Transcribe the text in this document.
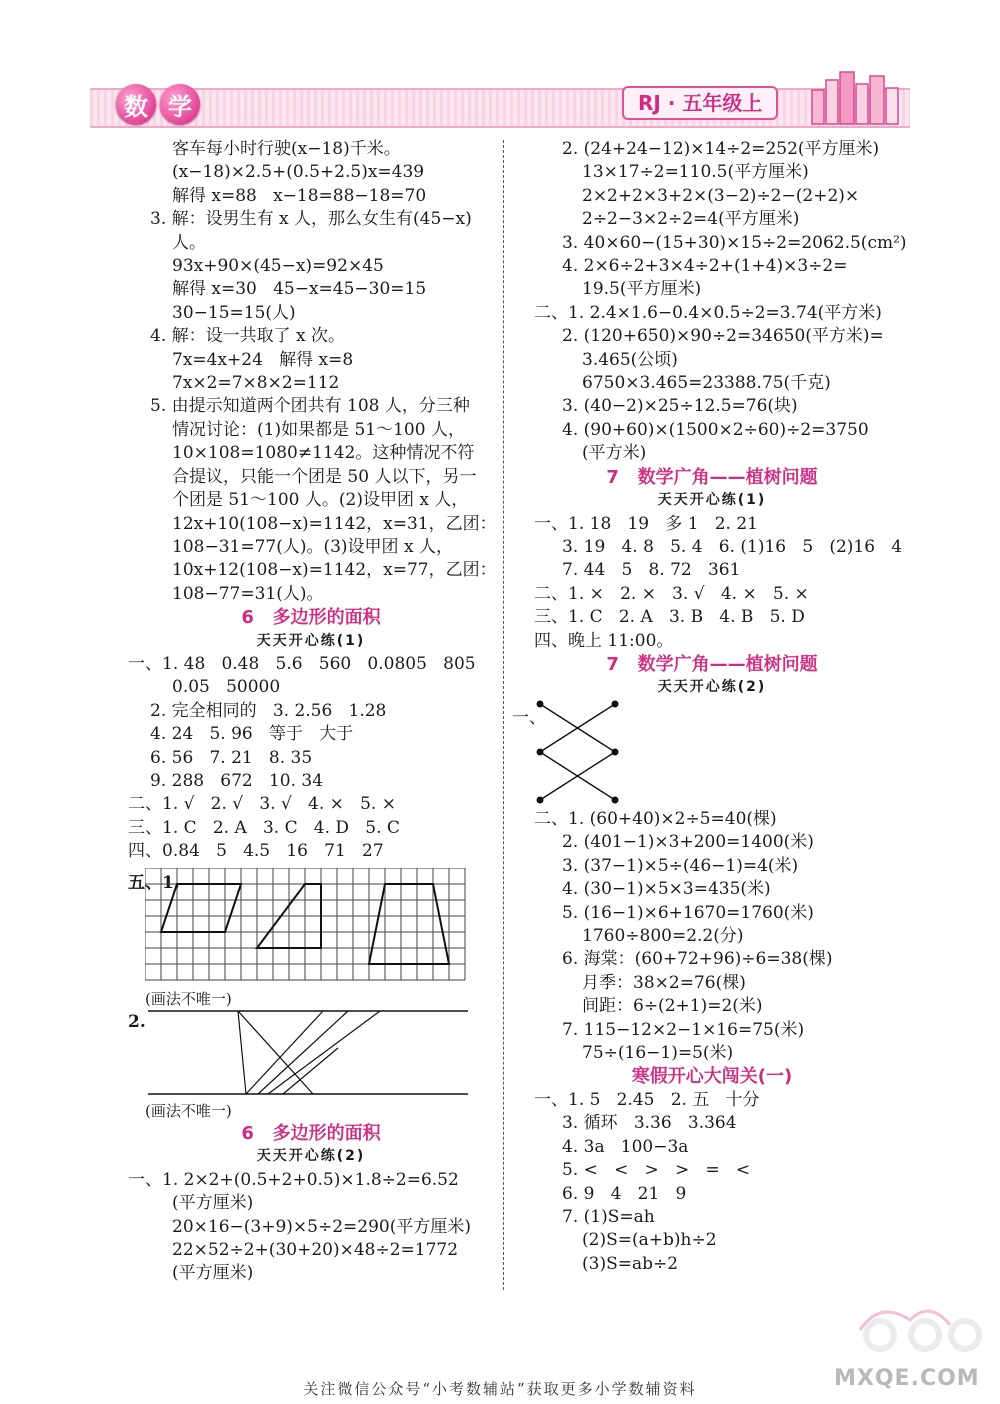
数 学	RJ · 五年级上
客车每小时行驶(x−18)千米。
(x−18)×2.5+(0.5+2.5)x=439
解得 x=88   x−18=88−18=70
3. 解：设男生有 x 人，那么女生有(45−x)
人。
93x+90×(45−x)=92×45
解得 x=30   45−x=45−30=15
30−15=15(人)
4. 解：设一共取了 x 次。
7x=4x+24   解得 x=8
7x×2=7×8×2=112
5. 由提示知道两个团共有 108 人，分三种
情况讨论：(1)如果都是 51～100 人，
10×108=1080≠1142。这种情况不符
合提议，只能一个团是 50 人以下，另一
个团是 51～100 人。(2)设甲团 x 人，
12x+10(108−x)=1142，x=31，乙团：
108−31=77(人)。(3)设甲团 x 人，
10x+12(108−x)=1142，x=77，乙团：
108−77=31(人)。
6   多边形的面积
天天开心练(1)
一、1. 48   0.48   5.6   560   0.0805   805
0.05   50000
2. 完全相同的   3. 2.56   1.28
4. 24   5. 96   等于   大于
6. 56   7. 21   8. 35
9. 288   672   10. 34
二、1. √   2. √   3. √   4. ×   5. ×
三、1. C   2. A   3. C   4. D   5. C
四、0.84   5   4.5   16   71   27
五、1.
(画法不唯一)
2.
(画法不唯一)
6   多边形的面积
天天开心练(2)
一、1. 2×2+(0.5+2+0.5)×1.8÷2=6.52
(平方厘米)
20×16−(3+9)×5÷2=290(平方厘米)
22×52÷2+(30+20)×48÷2=1772
(平方厘米)
2. (24+24−12)×14÷2=252(平方厘米)
13×17÷2=110.5(平方厘米)
2×2+2×3+2×(3−2)÷2−(2+2)×
2÷2−3×2÷2=4(平方厘米)
3. 40×60−(15+30)×15÷2=2062.5(cm²)
4. 2×6÷2+3×4÷2+(1+4)×3÷2=
19.5(平方厘米)
二、1. 2.4×1.6−0.4×0.5÷2=3.74(平方米)
2. (120+650)×90÷2=34650(平方米)=
3.465(公顷)
6750×3.465=23388.75(千克)
3. (40−2)×25÷12.5=76(块)
4. (90+60)×(1500×2÷60)÷2=3750
(平方米)
7   数学广角——植树问题
天天开心练(1)
一、1. 18   19   多 1   2. 21
3. 19   4. 8   5. 4   6. (1)16   5   (2)16   4
7. 44   5   8. 72   361
二、1. ×   2. ×   3. √   4. ×   5. ×
三、1. C   2. A   3. B   4. B   5. D
四、晚上 11:00。
7   数学广角——植树问题
天天开心练(2)
一、
二、1. (60+40)×2÷5=40(棵)
2. (401−1)×3+200=1400(米)
3. (37−1)×5÷(46−1)=4(米)
4. (30−1)×5×3=435(米)
5. (16−1)×6+1670=1760(米)
1760÷800=2.2(分)
6. 海棠：(60+72+96)÷6=38(棵)
月季：38×2=76(棵)
间距：6÷(2+1)=2(米)
7. 115−12×2−1×16=75(米)
75÷(16−1)=5(米)
寒假开心大闯关(一)
一、1. 5   2.45   2. 五   十分
3. 循环   3.36   3.364
4. 3a   100−3a
5. <   <   >   >   =   <
6. 9   4   21   9
7. (1)S=ah
(2)S=(a+b)h÷2
(3)S=ab÷2
MXQE.COM
关注微信公众号“小考数辅站”获取更多小学数辅资料
